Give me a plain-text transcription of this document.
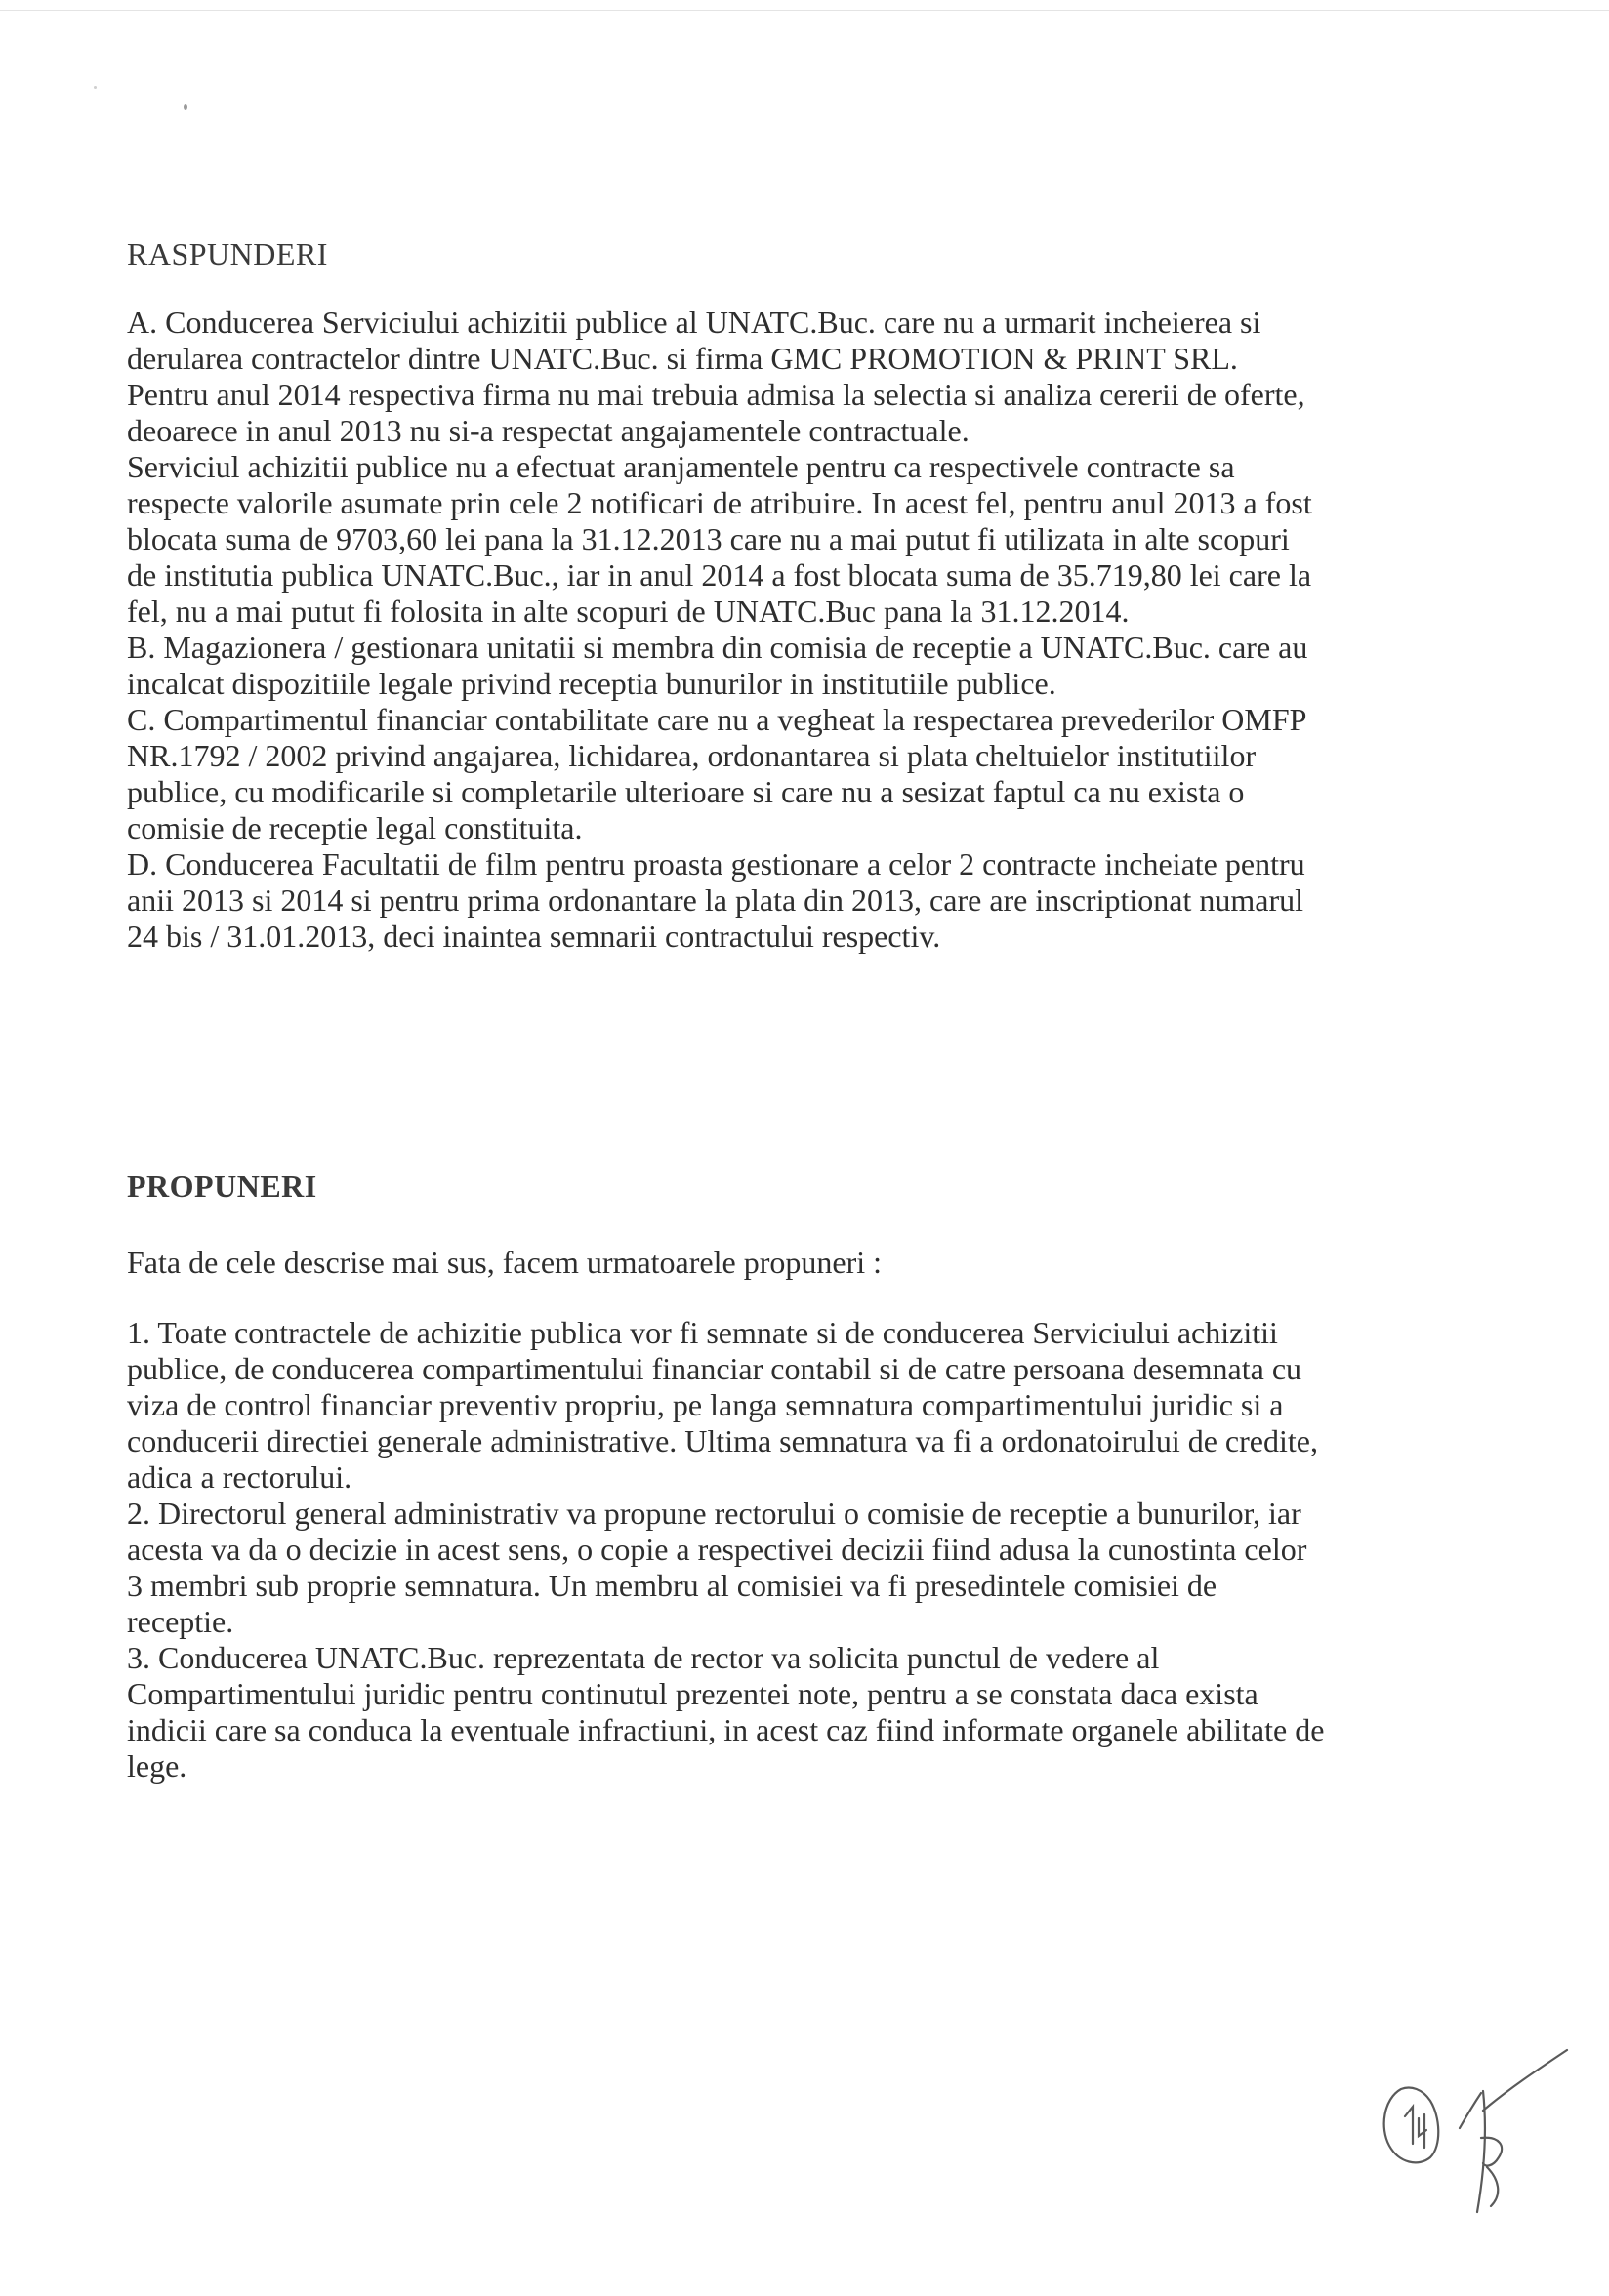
RASPUNDERI

A. Conducerea Serviciului achizitii publice al UNATC.Buc. care nu a urmarit incheierea si

derularea contractelor dintre UNATC.Buc. si firma GMC PROMOTION & PRINT SRL.

Pentru anul 2014 respectiva firma nu mai trebuia admisa la selectia si analiza cererii de oferte,

deoarece in anul 2013 nu si-a respectat angajamentele contractuale.

Serviciul achizitii publice nu a efectuat aranjamentele pentru ca respectivele contracte sa

respecte valorile asumate prin cele 2 notificari de atribuire. In acest fel, pentru anul 2013 a fost

blocata suma de 9703,60 lei pana la 31.12.2013 care nu a mai putut fi utilizata in alte scopuri

de institutia publica UNATC.Buc., iar in anul 2014 a fost blocata suma de 35.719,80 lei care la

fel, nu a mai putut fi folosita in alte scopuri de UNATC.Buc pana la 31.12.2014.

B. Magazionera / gestionara unitatii si membra din comisia de receptie a UNATC.Buc. care au

incalcat dispozitiile legale privind receptia bunurilor in institutiile publice.

C. Compartimentul financiar contabilitate care nu a vegheat la respectarea prevederilor OMFP

NR.1792 / 2002 privind angajarea, lichidarea, ordonantarea si plata cheltuielor institutiilor

publice, cu modificarile si completarile ulterioare si care nu a sesizat faptul ca nu exista o

comisie de receptie legal constituita.

D. Conducerea Facultatii de film pentru proasta gestionare a celor 2 contracte incheiate pentru

anii 2013 si 2014 si pentru prima ordonantare la plata din 2013, care are inscriptionat numarul

24 bis / 31.01.2013, deci inaintea semnarii contractului respectiv.

PROPUNERI
Fata de cele descrise mai sus, facem urmatoarele propuneri :

1. Toate contractele de achizitie publica vor fi semnate si de conducerea Serviciului achizitii

publice, de conducerea compartimentului financiar contabil si de catre persoana desemnata cu

viza de control financiar preventiv propriu, pe langa semnatura compartimentului juridic si a

conducerii directiei generale administrative. Ultima semnatura va fi a ordonatoirului de credite,

adica a rectorului.

2. Directorul general administrativ va propune rectorului o comisie de receptie a bunurilor, iar

acesta va da o decizie in acest sens, o copie a respectivei decizii fiind adusa la cunostinta celor

3 membri sub proprie semnatura. Un membru al comisiei va fi presedintele comisiei de

receptie.

3. Conducerea UNATC.Buc. reprezentata de rector va solicita punctul de vedere al

Compartimentului juridic pentru continutul prezentei note, pentru a se constata daca exista

indicii care sa conduca la eventuale infractiuni, in acest caz fiind informate organele abilitate de

lege.
